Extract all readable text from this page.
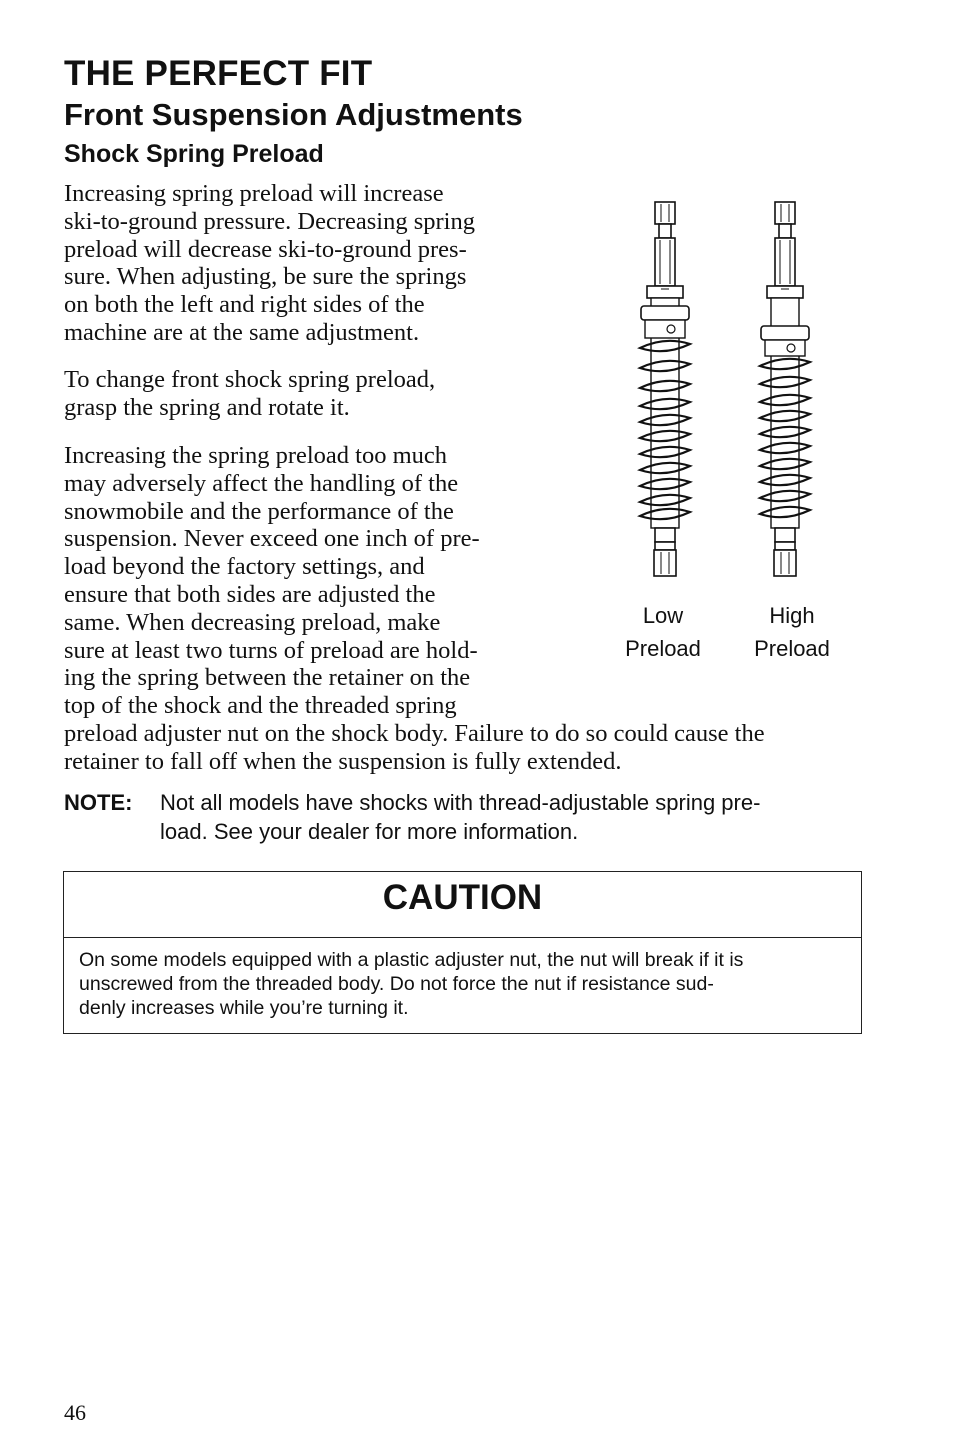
THE PERFECT FIT
Front Suspension Adjustments
Shock Spring Preload
Increasing spring preload will increase
ski-to-ground pressure. Decreasing spring
preload will decrease ski-to-ground pres-
sure. When adjusting, be sure the springs
on both the left and right sides of the
machine are at the same adjustment.
To change front shock spring preload,
grasp the spring and rotate it.
Increasing the spring preload too much
may adversely affect the handling of the
snowmobile and the performance of the
suspension. Never exceed one inch of pre-
load beyond the factory settings, and
ensure that both sides are adjusted the
same. When decreasing preload, make
sure at least two turns of preload are hold-
ing the spring between the retainer on the
top of the shock and the threaded spring
preload adjuster nut on the shock body. Failure to do so could cause the
retainer to fall off when the suspension is fully extended.
Low
Preload
High
Preload
NOTE: Not all models have shocks with thread-adjustable spring pre-
load. See your dealer for more information.
CAUTION
On some models equipped with a plastic adjuster nut, the nut will break if it is
unscrewed from the threaded body. Do not force the nut if resistance sud-
denly increases while you’re turning it.
46
